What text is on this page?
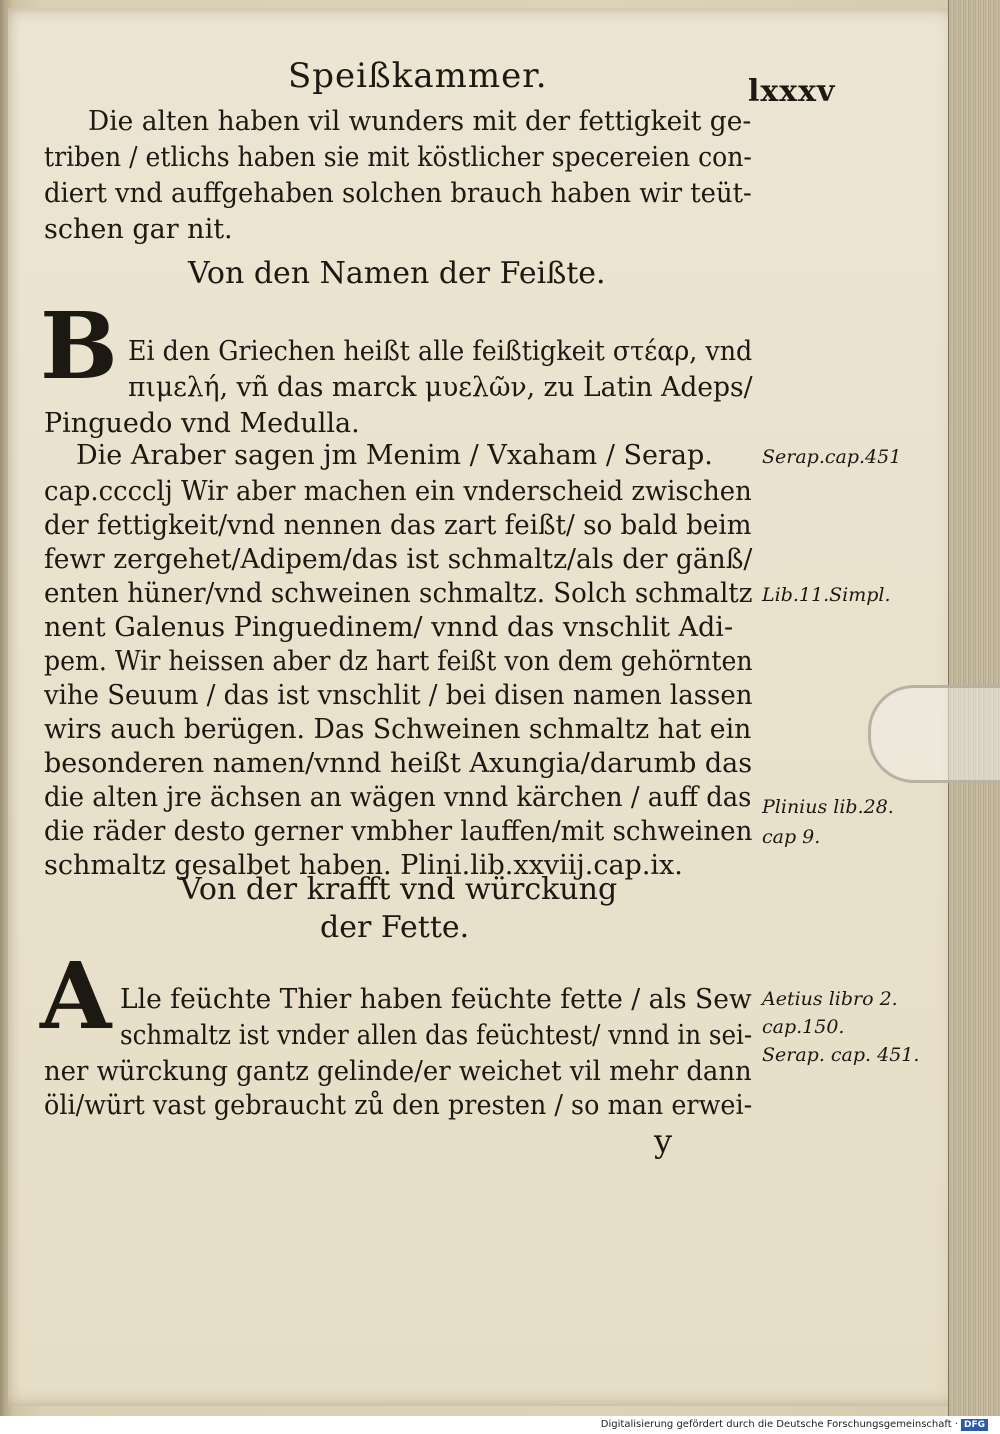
Speißkammer.	lxxxv
Die alten haben vil wunders mit der fettigkeit ge-
triben / etlichs haben sie mit köstlicher specereien con-
diert vnd auffgehaben solchen brauch haben wir teüt-
schen gar nit.
Von den Namen der Feißte.
B Ei den Griechen heißt alle feißtigkeit στέαρ, vnd
πιμελή, vñ das marck μυελῶν, zu Latin Adeps/
Pinguedo vnd Medulla.
Die Araber sagen jm Menim / Vxaham / Serap.
cap.cccclj Wir aber machen ein vnderscheid zwischen
der fettigkeit/vnd nennen das zart feißt/ so bald beim
fewr zergehet/Adipem/das ist schmaltz/als der gänß/
enten hüner/vnd schweinen schmaltz. Solch schmaltz
nent Galenus Pinguedinem/ vnnd das vnschlit Adi-
pem. Wir heissen aber dz hart feißt von dem gehörnten
vihe Seuum / das ist vnschlit / bei disen namen lassen
wirs auch berügen. Das Schweinen schmaltz hat ein
besonderen namen/vnnd heißt Axungia/darumb das
die alten jre ächsen an wägen vnnd kärchen / auff das
die räder desto gerner vmbher lauffen/mit schweinen
schmaltz gesalbet haben. Plini.lib.xxviij.cap.ix.
Von der krafft vnd würckung
der Fette.
A Lle feüchte Thier haben feüchte fette / als Sew
schmaltz ist vnder allen das feüchtest/ vnnd in sei-
ner würckung gantz gelinde/er weichet vil mehr dann
öli/würt vast gebraucht zů den presten / so man erwei-
Serap.cap.451
Lib.11.Simpl.
Plinius lib.28.
cap 9.
Aetius libro 2.
cap.150.
Serap. cap. 451.
y
Digitalisierung gefördert durch die Deutsche Forschungsgemeinschaft · DFG
